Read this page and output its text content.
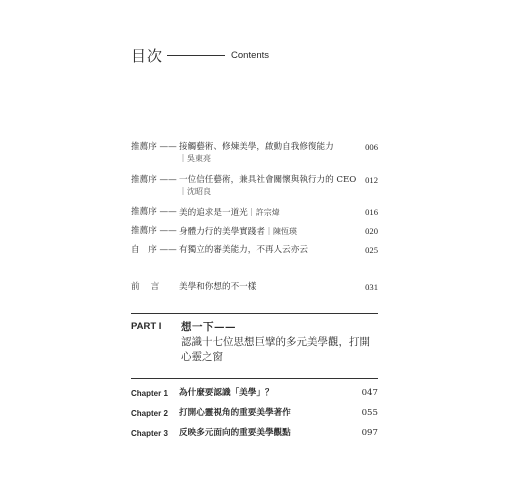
目次	Contents
推薦序 —— 接觸藝術、修煉美學，啟動自我修復能力	006
｜吳東亮
推薦序 —— 一位信任藝術，兼具社會關懷與執行力的 CEO 012
｜沈昭良
推薦序 —— 美的追求是一道光｜許宗煒	016
推薦序 —— 身體力行的美學實踐者｜陳恆瑛	020
自　序 —— 有獨立的審美能力，不再人云亦云	025
前言 美學和你想的不一樣	031
PART I 想一下——
認識十七位思想巨擘的多元美學觀，打開心靈之窗
Chapter 1 為什麼要認識「美學」？	047
Chapter 2 打開心靈視角的重要美學著作	055
Chapter 3 反映多元面向的重要美學觀點	097
